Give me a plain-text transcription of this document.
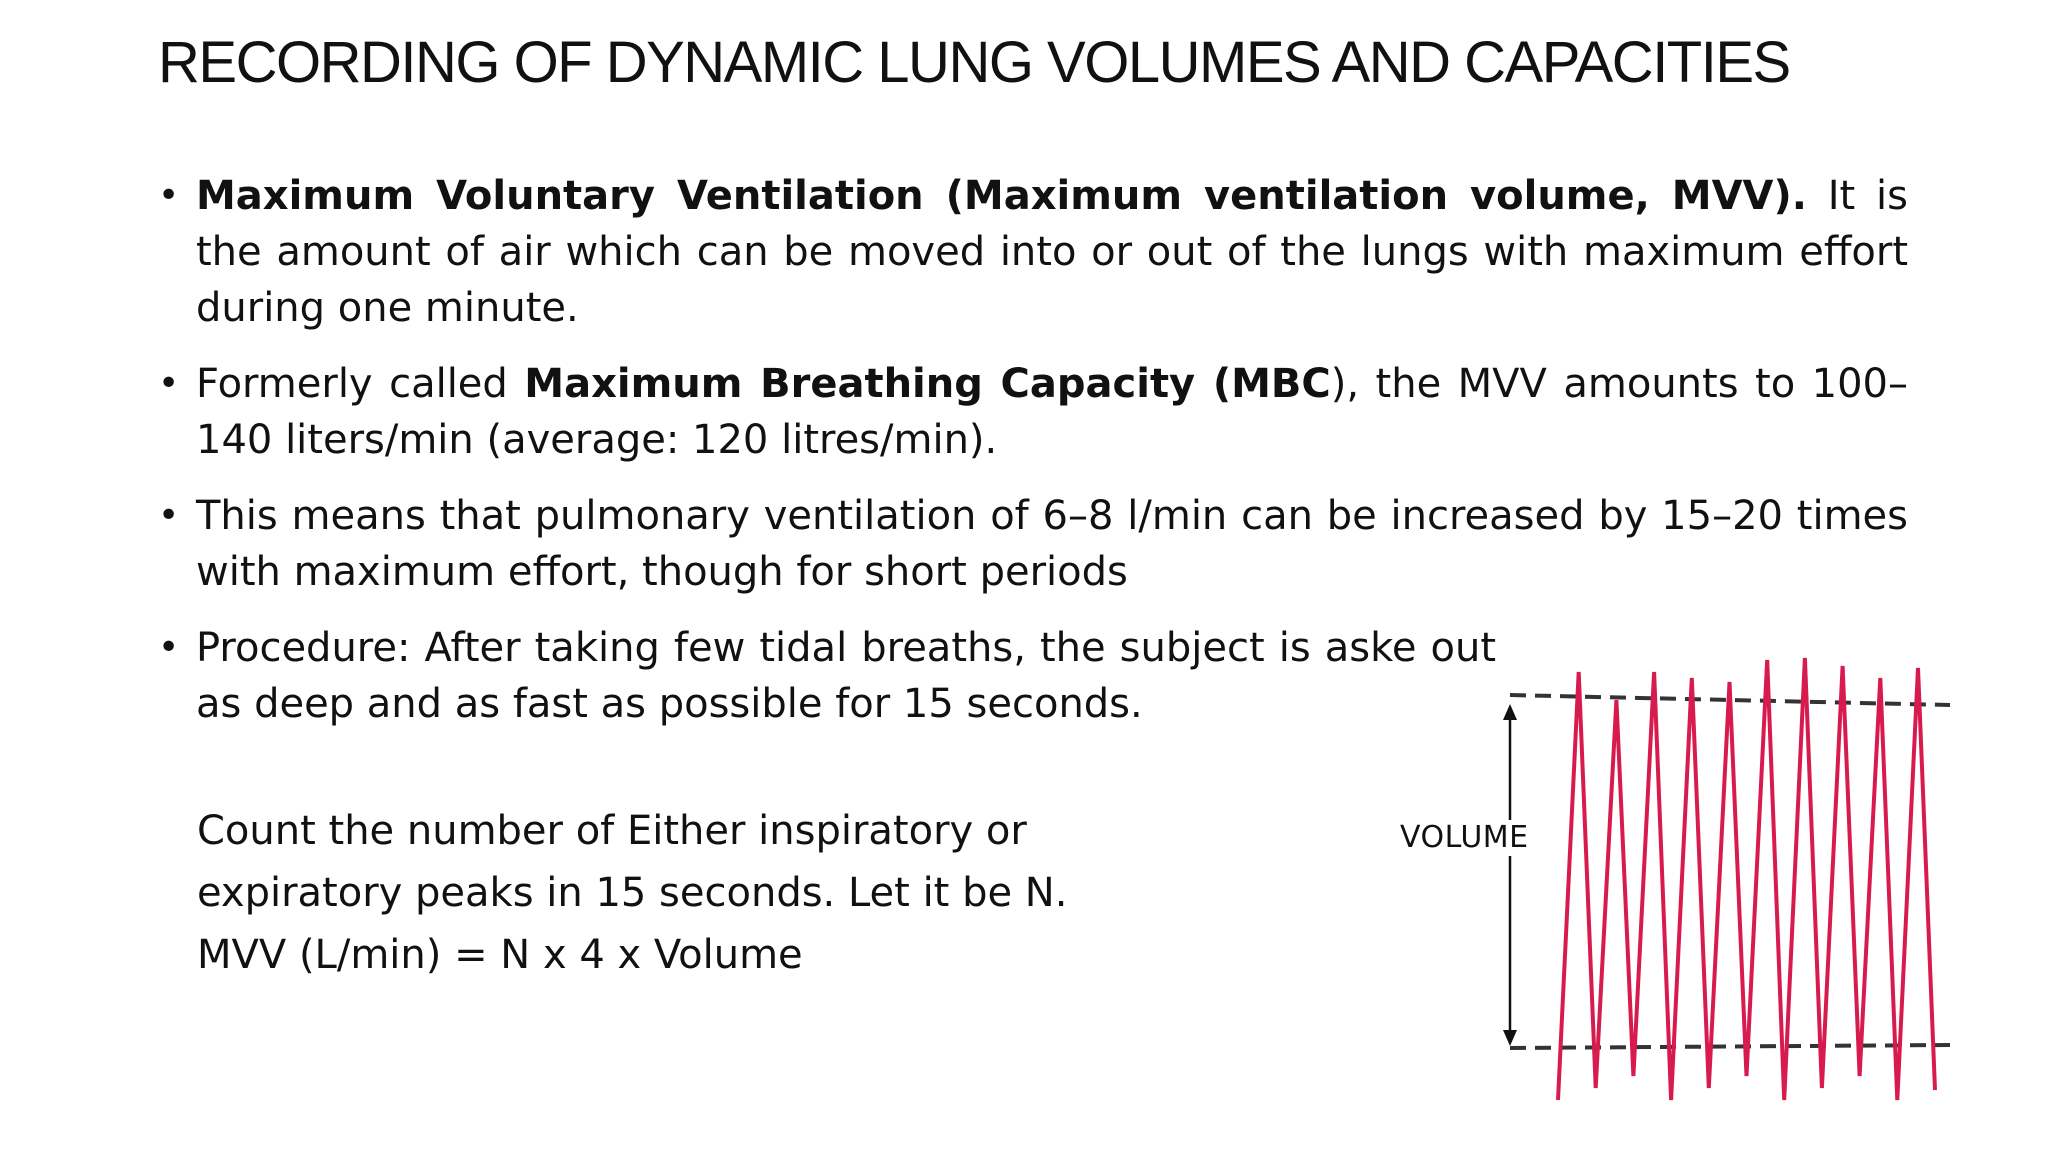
RECORDING OF DYNAMIC LUNG VOLUMES AND CAPACITIES
• Maximum Voluntary Ventilation (Maximum ventilation volume, MVV). It is the amount of air which can be moved into or out of the lungs with maximum effort during one minute.
• Formerly called Maximum Breathing Capacity (MBC), the MVV amounts to 100–140 liters/min (average: 120 litres/min).
• This means that pulmonary ventilation of 6–8 l/min can be increased by 15–20 times with maximum effort, though for short periods
• Procedure: After taking few tidal breaths, the subject is aske out as deep and as fast as possible for 15 seconds.
Count the number of Either inspiratory or
expiratory peaks in 15 seconds. Let it be N.
MVV (L/min) = N x 4 x Volume
VOLUME
